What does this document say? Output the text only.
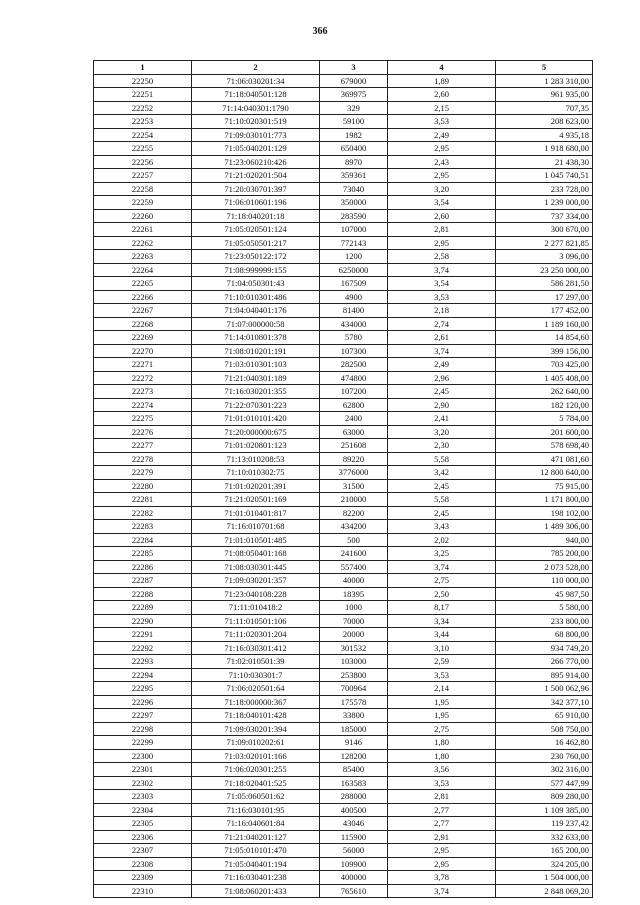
366
1	2	3	4	5
22250	71:06:030201:34	679000	1,89	1 283 310,00
22251	71:18:040501:128	369975	2,60	961 935,00
22252	71:14:040301:1790	329	2,15	707,35
22253	71:10:020301:519	59100	3,53	208 623,00
22254	71:09:030101:773	1982	2,49	4 935,18
22255	71:05:040201:129	650400	2,95	1 918 680,00
22256	71:23:060210:426	8970	2,43	21 438,30
22257	71:21:020201:504	359361	2,95	1 045 740,51
22258	71:20:030701:397	73040	3,20	233 728,00
22259	71:06:010601:196	350000	3,54	1 239 000,00
22260	71:18:040201:18	283590	2,60	737 334,00
22261	71:05:020501:124	107000	2,81	300 670,00
22262	71:05:050501:217	772143	2,95	2 277 821,85
22263	71:23:050122:172	1200	2,58	3 096,00
22264	71:08:999999:155	6250000	3,74	23 250 000,00
22265	71:04:050301:43	167509	3,54	586 281,50
22266	71:10:010301:486	4900	3,53	17 297,00
22267	71:04:040401:176	81400	2,18	177 452,00
22268	71:07:000000:58	434000	2,74	1 189 160,00
22269	71:14:010801:378	5780	2,61	14 854,60
22270	71:08:010201:191	107300	3,74	399 156,00
22271	71:03:010301:103	282500	2,49	703 425,00
22272	71:21:040301:189	474800	2,96	1 405 408,00
22273	71:16:030201:355	107200	2,45	262 640,00
22274	71:22:070301:223	62800	2,90	182 120,00
22275	71:01:010101:420	2400	2,41	5 784,00
22276	71:20:000000:675	63000	3,20	201 600,00
22277	71:01:020801:123	251608	2,30	578 698,40
22278	71:13:010208:53	89220	5,58	471 081,60
22279	71:10:010302:75	3776000	3,42	12 800 640,00
22280	71:01:020201:391	31500	2,45	75 915,00
22281	71:21:020501:169	210000	5,58	1 171 800,00
22282	71:01:010401:817	82200	2,45	198 102,00
22283	71:16:010701:68	434200	3,43	1 489 306,00
22284	71:01:010501:485	500	2,02	940,00
22285	71:08:050401:168	241600	3,25	785 200,00
22286	71:08:030301:445	557400	3,74	2 073 528,00
22287	71:09:030201:357	40000	2,75	110 000,00
22288	71:23:040108:228	18395	2,50	45 987,50
22289	71:11:010418:2	1000	8,17	5 580,00
22290	71:11:010501:106	70000	3,34	233 800,00
22291	71:11:020301:204	20000	3,44	68 800,00
22292	71:16:030301:412	301532	3,10	934 749,20
22293	71:02:010501:39	103000	2,59	266 770,00
22294	71:10:030301:7	253800	3,53	895 914,00
22295	71:06:020501:64	700964	2,14	1 500 062,96
22296	71:18:000000:367	175578	1,95	342 377,10
22297	71:18:040101:428	33800	1,95	65 910,00
22298	71:09:030201:394	185000	2,75	508 750,00
22299	71:09:010202:61	9146	1,80	16 462,80
22300	71:03:020101:166	128200	1,80	230 760,00
22301	71:06:020301:255	85400	3,56	302 316,00
22302	71:18:020401:525	163583	3,53	577 447,99
22303	71:05:060501:62	288000	2,81	809 280,00
22304	71:16:030101:95	400500	2,77	1 109 385,00
22305	71:16:040601:84	43046	2,77	119 237,42
22306	71:21:040201:127	115900	2,91	332 633,00
22307	71:05:010101:470	56000	2,95	165 200,00
22308	71:05:040401:194	109900	2,95	324 205,00
22309	71:16:030401:238	400000	3,78	1 504 000,00
22310	71:08:060201:433	765610	3,74	2 848 069,20
